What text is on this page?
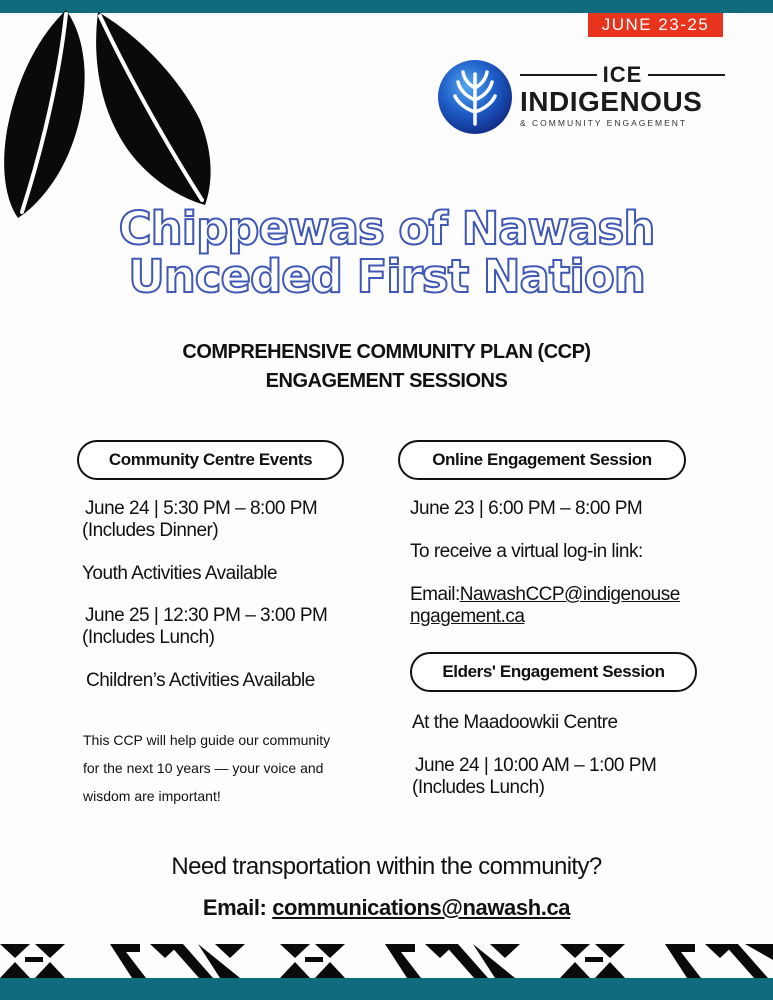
JUNE 23-25
ICE
INDIGENOUS
& COMMUNITY ENGAGEMENT
Chippewas of Nawash
Unceded First Nation
COMPREHENSIVE COMMUNITY PLAN (CCP)
ENGAGEMENT SESSIONS
Community Centre Events
June 24 | 5:30 PM – 8:00 PM
(Includes Dinner)
Youth Activities Available
June 25 | 12:30 PM – 3:00 PM
(Includes Lunch)
Children’s Activities Available
This CCP will help guide our community
for the next 10 years — your voice and
wisdom are important!
Online Engagement Session
June 23 | 6:00 PM – 8:00 PM
To receive a virtual log-in link:
Email:NawashCCP@indigenouse
ngagement.ca
Elders' Engagement Session
At the Maadoowkii Centre
June 24 | 10:00 AM – 1:00 PM
(Includes Lunch)
Need transportation within the community?
Email: communications@nawash.ca
